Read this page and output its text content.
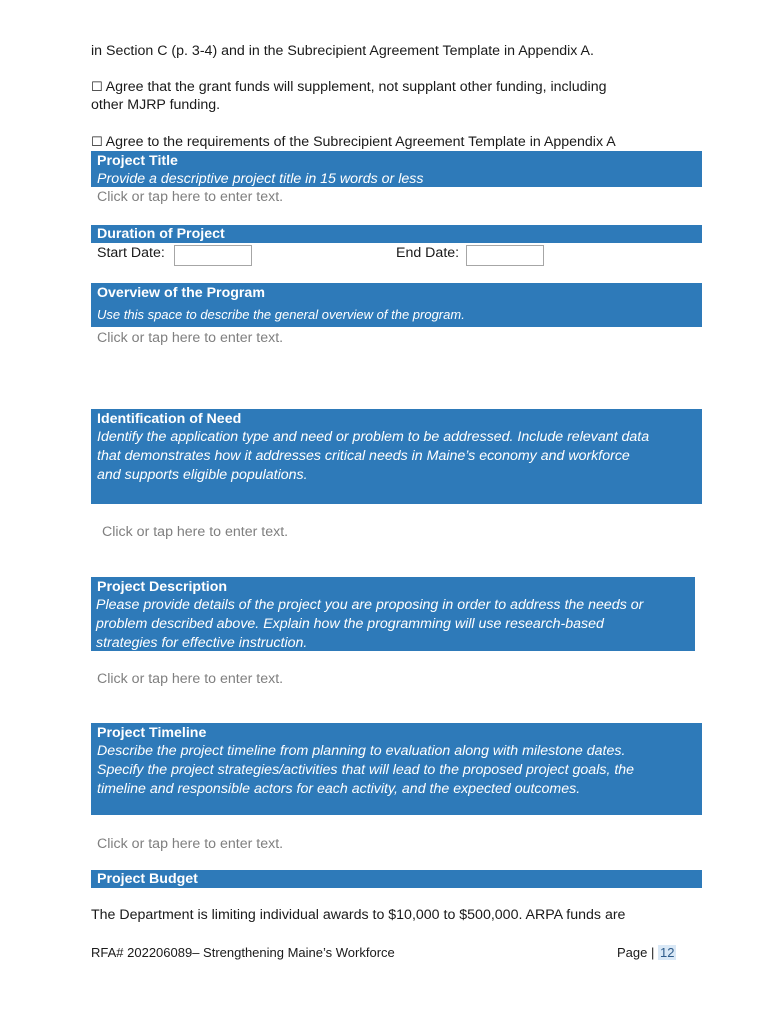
in Section C (p. 3-4) and in the Subrecipient Agreement Template in Appendix A.
☐ Agree that the grant funds will supplement, not supplant other funding, including
other MJRP funding.
☐ Agree to the requirements of the Subrecipient Agreement Template in Appendix A
Project Title
Provide a descriptive project title in 15 words or less
Click or tap here to enter text.
Duration of Project
Start Date:	End Date:
Overview of the Program
Use this space to describe the general overview of the program.
Click or tap here to enter text.
Identification of Need
Identify the application type and need or problem to be addressed. Include relevant data
that demonstrates how it addresses critical needs in Maine’s economy and workforce
and supports eligible populations.
Click or tap here to enter text.
Project Description
Please provide details of the project you are proposing in order to address the needs or
problem described above. Explain how the programming will use research-based
strategies for effective instruction.
Click or tap here to enter text.
Project Timeline
Describe the project timeline from planning to evaluation along with milestone dates.
Specify the project strategies/activities that will lead to the proposed project goals, the
timeline and responsible actors for each activity, and the expected outcomes.
Click or tap here to enter text.
Project Budget
The Department is limiting individual awards to $10,000 to $500,000. ARPA funds are
RFA# 202206089– Strengthening Maine’s Workforce	Page | 12
